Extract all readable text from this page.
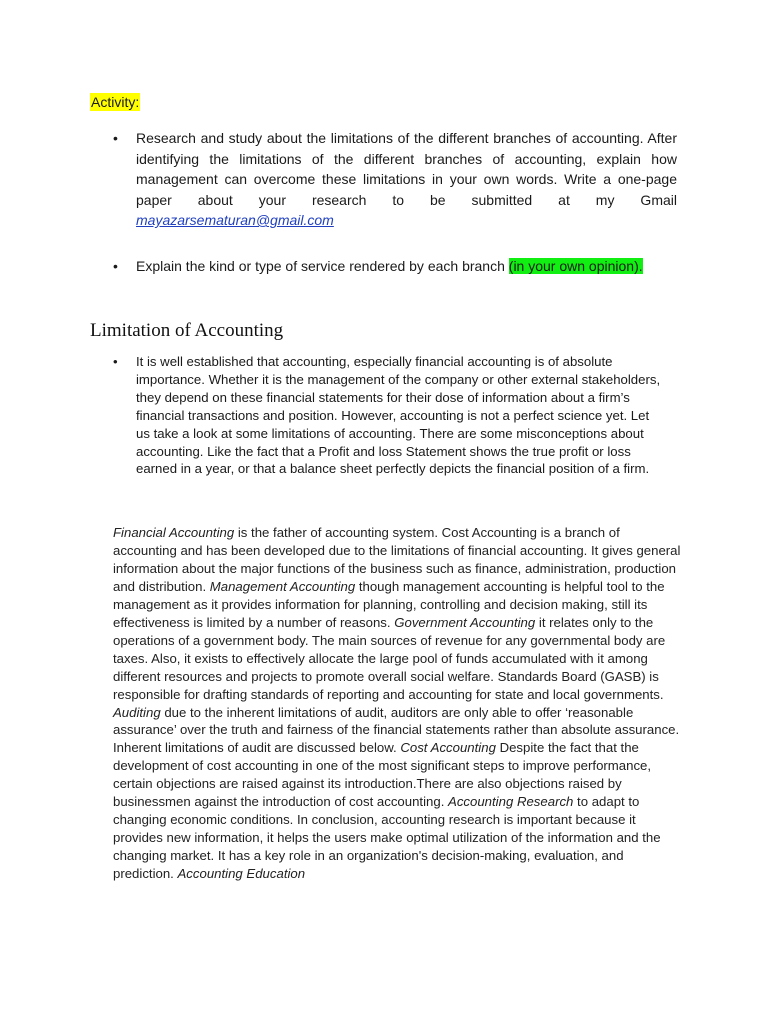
Activity:
• Research and study about the limitations of the different branches of accounting. After identifying the limitations of the different branches of accounting, explain how management can overcome these limitations in your own words. Write a one-page paper about your research to be submitted at my Gmail mayazarsematuran@gmail.com
• Explain the kind or type of service rendered by each branch (in your own opinion).
Limitation of Accounting
• It is well established that accounting, especially financial accounting is of absolute importance. Whether it is the management of the company or other external stakeholders, they depend on these financial statements for their dose of information about a firm’s financial transactions and position. However, accounting is not a perfect science yet. Let us take a look at some limitations of accounting. There are some misconceptions about accounting. Like the fact that a Profit and loss Statement shows the true profit or loss earned in a year, or that a balance sheet perfectly depicts the financial position of a firm.

Financial Accounting is the father of accounting system. Cost Accounting is a branch of accounting and has been developed due to the limitations of financial accounting. It gives general information about the major functions of the business such as finance, administration, production and distribution. Management Accounting though management accounting is helpful tool to the management as it provides information for planning, controlling and decision making, still its effectiveness is limited by a number of reasons. Government Accounting it relates only to the operations of a government body. The main sources of revenue for any governmental body are taxes. Also, it exists to effectively allocate the large pool of funds accumulated with it among different resources and projects to promote overall social welfare. Standards Board (GASB) is responsible for drafting standards of reporting and accounting for state and local governments. Auditing due to the inherent limitations of audit, auditors are only able to offer ‘reasonable assurance’ over the truth and fairness of the financial statements rather than absolute assurance. Inherent limitations of audit are discussed below. Cost Accounting Despite the fact that the development of cost accounting in one of the most significant steps to improve performance, certain objections are raised against its introduction.There are also objections raised by businessmen against the introduction of cost accounting. Accounting Research to adapt to changing economic conditions. In conclusion, accounting research is important because it provides new information, it helps the users make optimal utilization of the information and the changing market. It has a key role in an organization's decision-making, evaluation, and prediction. Accounting Education
